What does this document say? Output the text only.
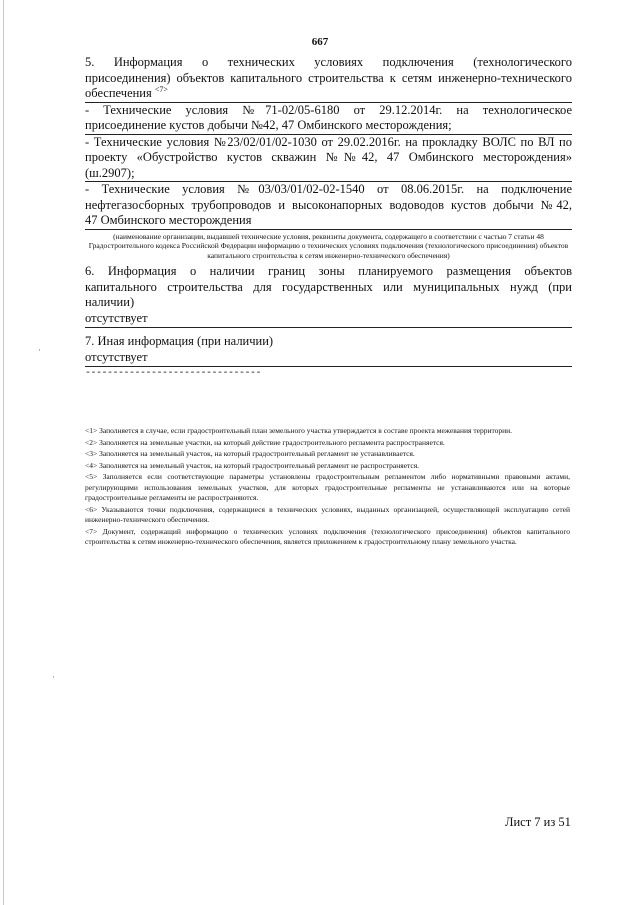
667
5. Информация о технических условиях подключения (технологического
присоединения) объектов капитального строительства к сетям инженерно-технического
обеспечения $^{<7>}$
- Технические условия №71-02/05-6180 от 29.12.2014г. на технологическое
присоединение кустов добычи №42, 47 Омбинского месторождения;
- Технические условия №23/02/01/02-1030 от 29.02.2016г. на прокладку ВОЛС по ВЛ по
проекту «Обустройство кустов скважин №№42, 47 Омбинского месторождения»
(ш.2907);
- Технические условия №03/03/01/02-02-1540 от 08.06.2015г. на подключение
нефтегазосборных трубопроводов и высоконапорных водоводов кустов добычи №42,
47 Омбинского месторождения
(наименование организации, выдавшей технические условия, реквизиты документа, содержащего в соответствии с частью 7 статьи 48 Градостроительного кодекса Российской Федерации информацию о технических условиях подключения (технологического присоединения) объектов капитального строительства к сетям инженерно-технического обеспечения)
6. Информация о наличии границ зоны планируемого размещения объектов
капитального строительства для государственных или муниципальных нужд (при
наличии)
отсутствует
7. Иная информация (при наличии)
отсутствует
--------------------------------

<1> Заполняется в случае, если градостроительный план земельного участка утверждается в составе проекта межевания территории.

<2> Заполняется на земельные участки, на который действие градостроительного регламента распространяется.

<3> Заполняется на земельный участок, на который градостроительный регламент не устанавливается.

<4> Заполняется на земельный участок, на который градостроительный регламент не распространяется.

<5> Заполняется если соответствующие параметры установлены градостроительным регламентом либо нормативными правовыми актами, регулирующими использования земельных участков, для которых градостроительные регламенты не устанавливаются или на которые градостроительные регламенты не распространяются.

<6> Указываются точки подключения, содержащиеся в технических условиях, выданных организацией, осуществляющей эксплуатацию сетей инженерно-технического обеспечения.

<7> Документ, содержащий информацию о технических условиях подключения (технологического присоединения) объектов капитального строительства к сетям инженерно-технического обеспечения, является приложением к градостроительному плану земельного участка.

Лист 7 из 51
·
·
